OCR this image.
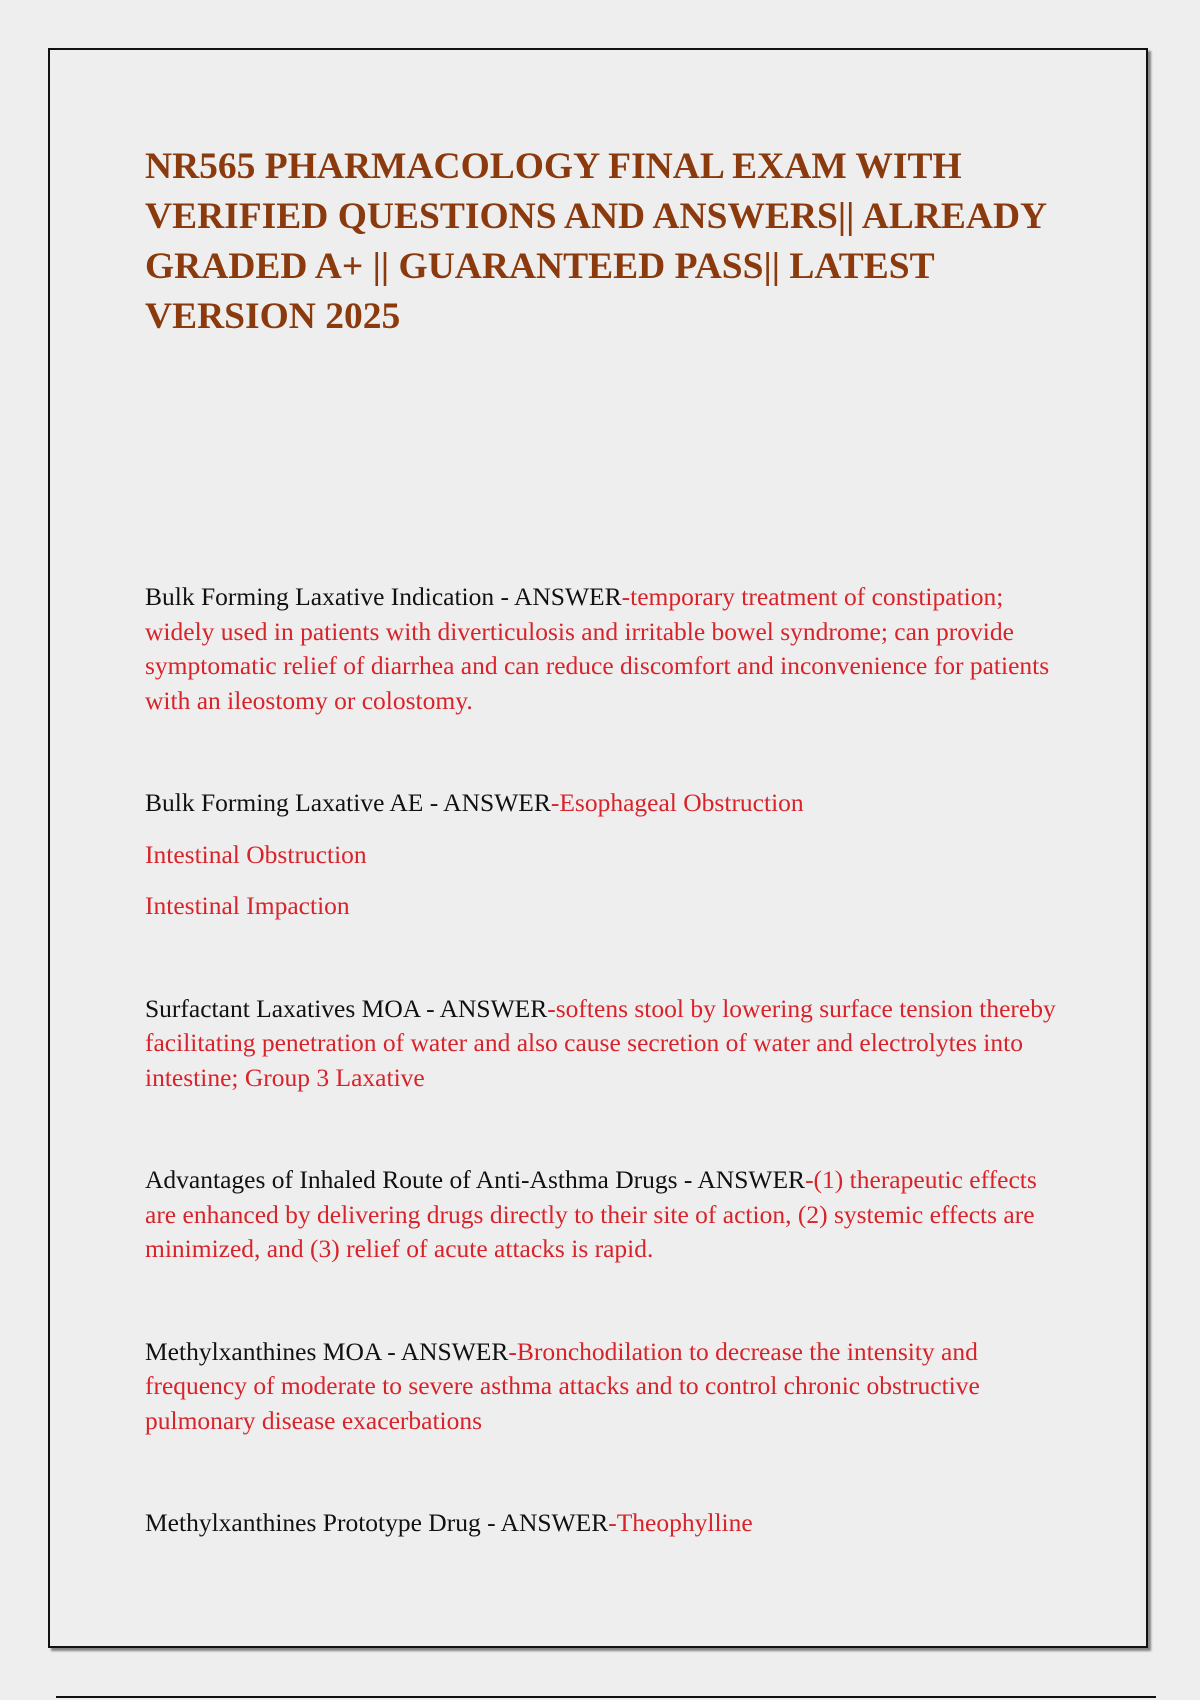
NR565 PHARMACOLOGY FINAL EXAM WITH VERIFIED QUESTIONS AND ANSWERS|| ALREADY GRADED A+ || GUARANTEED PASS|| LATEST VERSION 2025

Bulk Forming Laxative Indication - ANSWER-temporary treatment of constipation; widely used in patients with diverticulosis and irritable bowel syndrome; can provide symptomatic relief of diarrhea and can reduce discomfort and inconvenience for patients with an ileostomy or colostomy.

Bulk Forming Laxative AE - ANSWER-Esophageal Obstruction
Intestinal Obstruction
Intestinal Impaction

Surfactant Laxatives MOA - ANSWER-softens stool by lowering surface tension thereby facilitating penetration of water and also cause secretion of water and electrolytes into intestine; Group 3 Laxative

Advantages of Inhaled Route of Anti-Asthma Drugs - ANSWER-(1) therapeutic effects are enhanced by delivering drugs directly to their site of action, (2) systemic effects are minimized, and (3) relief of acute attacks is rapid.

Methylxanthines MOA - ANSWER-Bronchodilation to decrease the intensity and frequency of moderate to severe asthma attacks and to control chronic obstructive pulmonary disease exacerbations

Methylxanthines Prototype Drug - ANSWER-Theophylline
